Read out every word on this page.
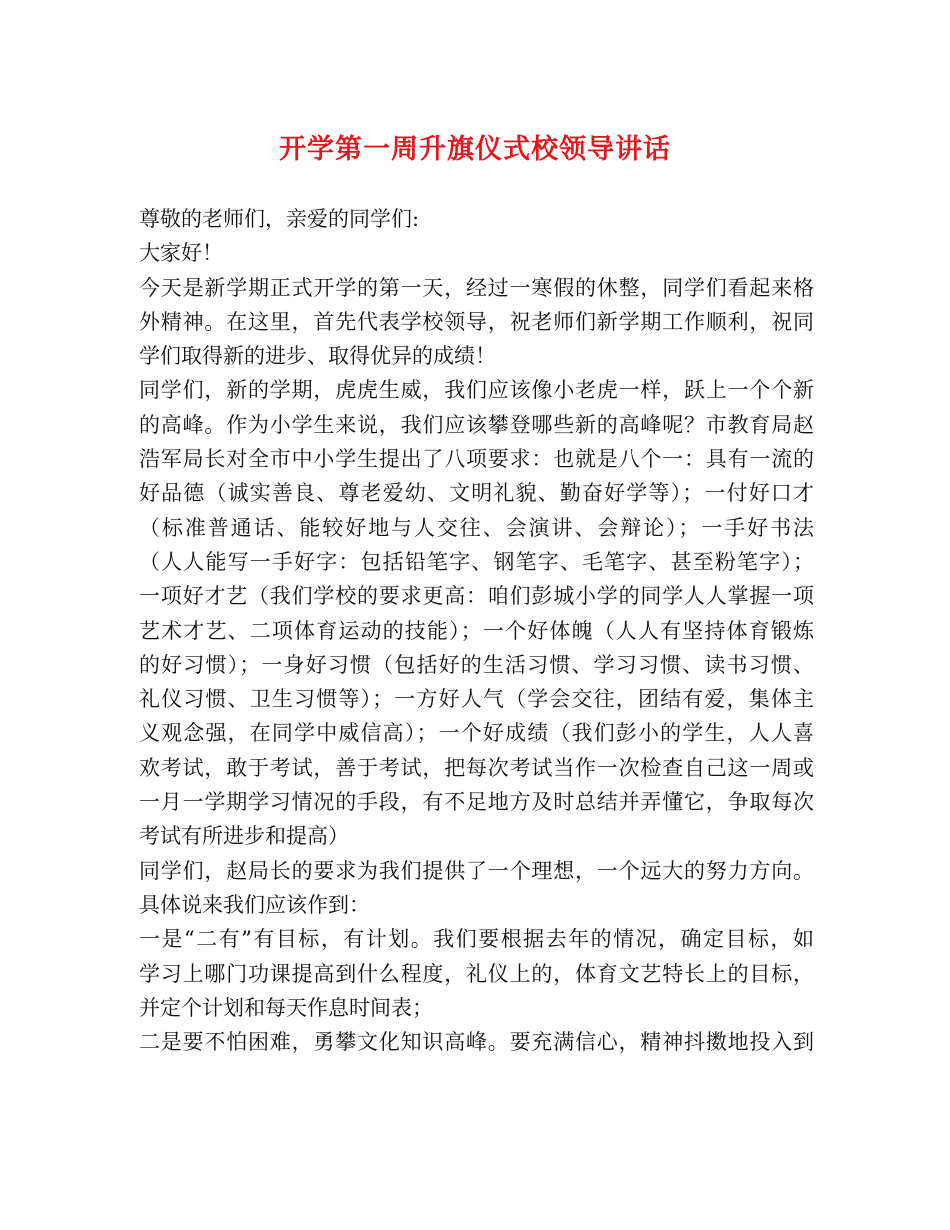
开学第一周升旗仪式校领导讲话
尊敬的老师们，亲爱的同学们:
大家好！
今天是新学期正式开学的第一天，经过一寒假的休整，同学们看起来格
外精神。在这里，首先代表学校领导，祝老师们新学期工作顺利，祝同
学们取得新的进步、取得优异的成绩！
同学们，新的学期，虎虎生威，我们应该像小老虎一样，跃上一个个新
的高峰。作为小学生来说，我们应该攀登哪些新的高峰呢？市教育局赵
浩军局长对全市中小学生提出了八项要求：也就是八个一：具有一流的
好品德（诚实善良、尊老爱幼、文明礼貌、勤奋好学等）；一付好口才
（标准普通话、能较好地与人交往、会演讲、会辩论）；一手好书法
（人人能写一手好字：包括铅笔字、钢笔字、毛笔字、甚至粉笔字）；
一项好才艺（我们学校的要求更高：咱们彭城小学的同学人人掌握一项
艺术才艺、二项体育运动的技能）；一个好体魄（人人有坚持体育锻炼
的好习惯）；一身好习惯（包括好的生活习惯、学习习惯、读书习惯、
礼仪习惯、卫生习惯等）；一方好人气（学会交往，团结有爱，集体主
义观念强，在同学中威信高）；一个好成绩（我们彭小的学生，人人喜
欢考试，敢于考试，善于考试，把每次考试当作一次检查自己这一周或
一月一学期学习情况的手段，有不足地方及时总结并弄懂它，争取每次
考试有所进步和提高）
同学们，赵局长的要求为我们提供了一个理想，一个远大的努力方向。
具体说来我们应该作到：
一是“二有”有目标，有计划。我们要根据去年的情况，确定目标，如
学习上哪门功课提高到什么程度，礼仪上的，体育文艺特长上的目标，
并定个计划和每天作息时间表；
二是要不怕困难，勇攀文化知识高峰。要充满信心，精神抖擞地投入到
